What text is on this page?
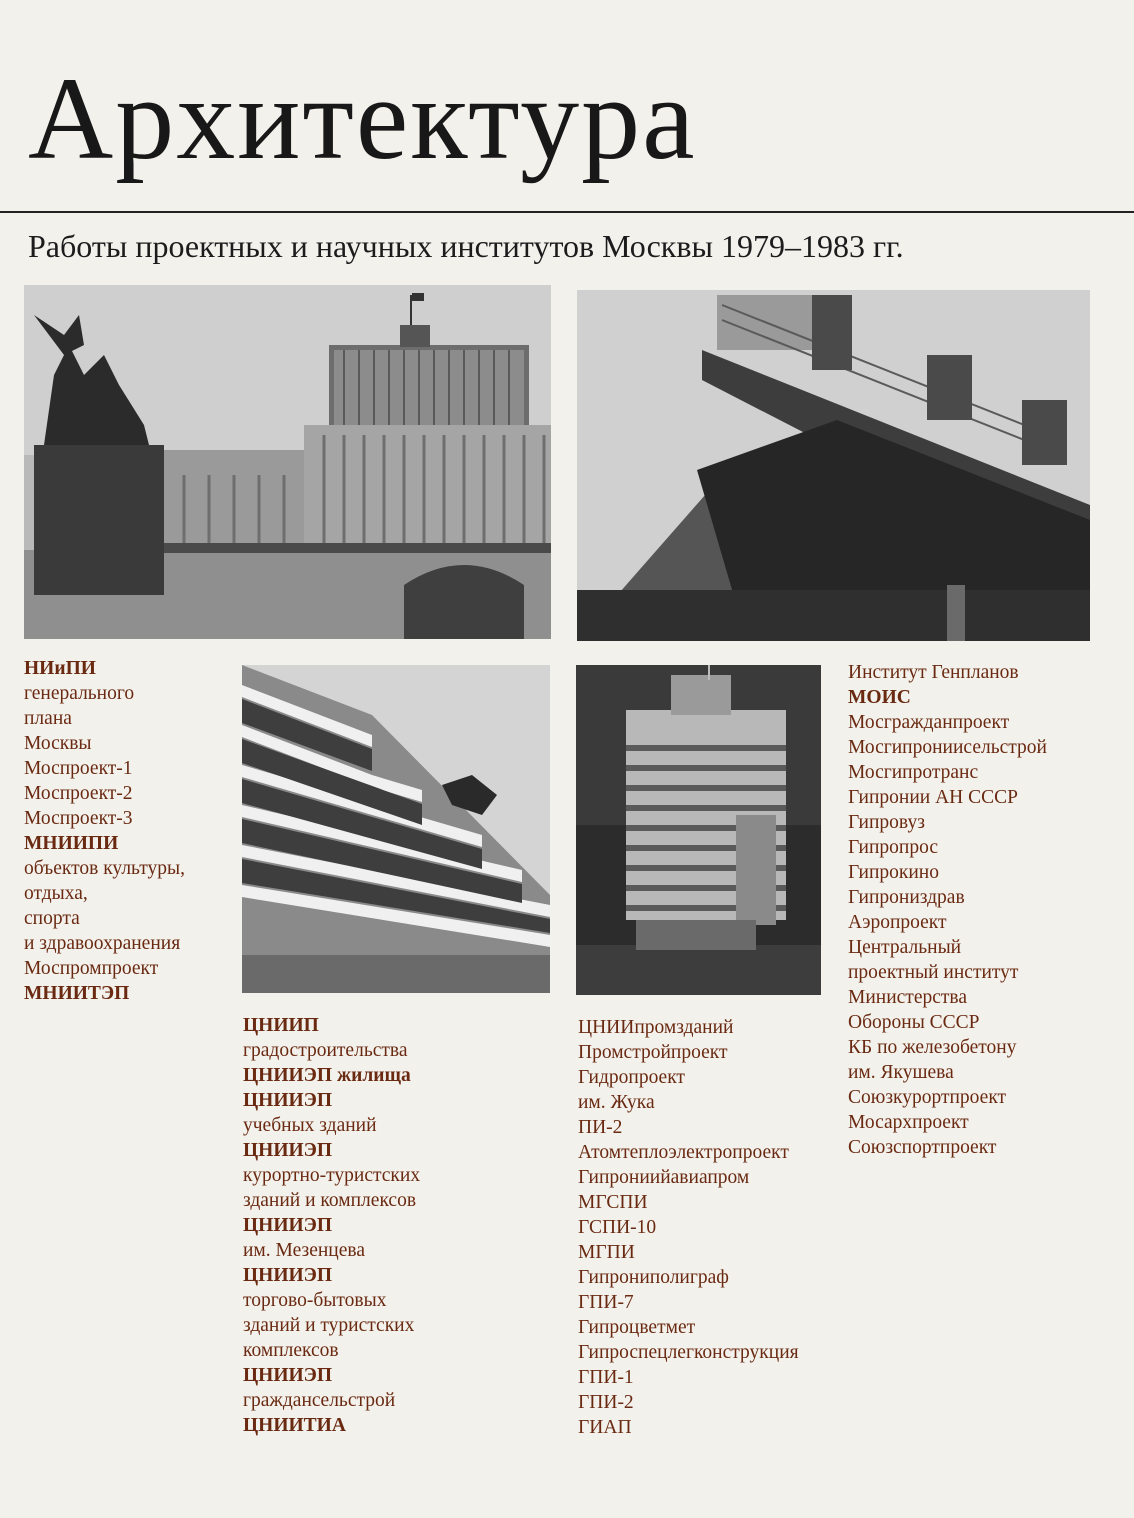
Архитектура
Работы проектных и научных институтов Москвы 1979–1983 гг.
НИиПИ
генерального
плана
Москвы
Моспроект-1
Моспроект-2
Моспроект-3
МНИИПИ
объектов культуры,
отдыха,
спорта
и здравоохранения
Моспромпроект
МНИИТЭП
ЦНИИП
градостроительства
ЦНИИЭП жилища
ЦНИИЭП
учебных зданий
ЦНИИЭП
курортно-туристских
зданий и комплексов
ЦНИИЭП
им. Мезенцева
ЦНИИЭП
торгово-бытовых
зданий и туристских
комплексов
ЦНИИЭП
гражданcельстрой
ЦНИИТИА
ЦНИИпромзданий
Промстройпроект
Гидропроект
им. Жука
ПИ-2
Атомтеплоэлектропроект
Гипрониийавиапром
МГСПИ
ГСПИ-10
МГПИ
Гипрониполиграф
ГПИ-7
Гипроцветмет
Гипроспецлегконструкция
ГПИ-1
ГПИ-2
ГИАП
Институт Генпланов
МОИС
Мосгражданпроект
Мосгипрониисельстрой
Мосгипротранс
Гипронии АН СССР
Гипровуз
Гипропрос
Гипрокино
Гипрониздрав
Аэропроект
Центральный
проектный институт
Министерства
Обороны СССР
КБ по железобетону
им. Якушева
Союзкурортпроект
Мосархпроект
Союзспортпроект
